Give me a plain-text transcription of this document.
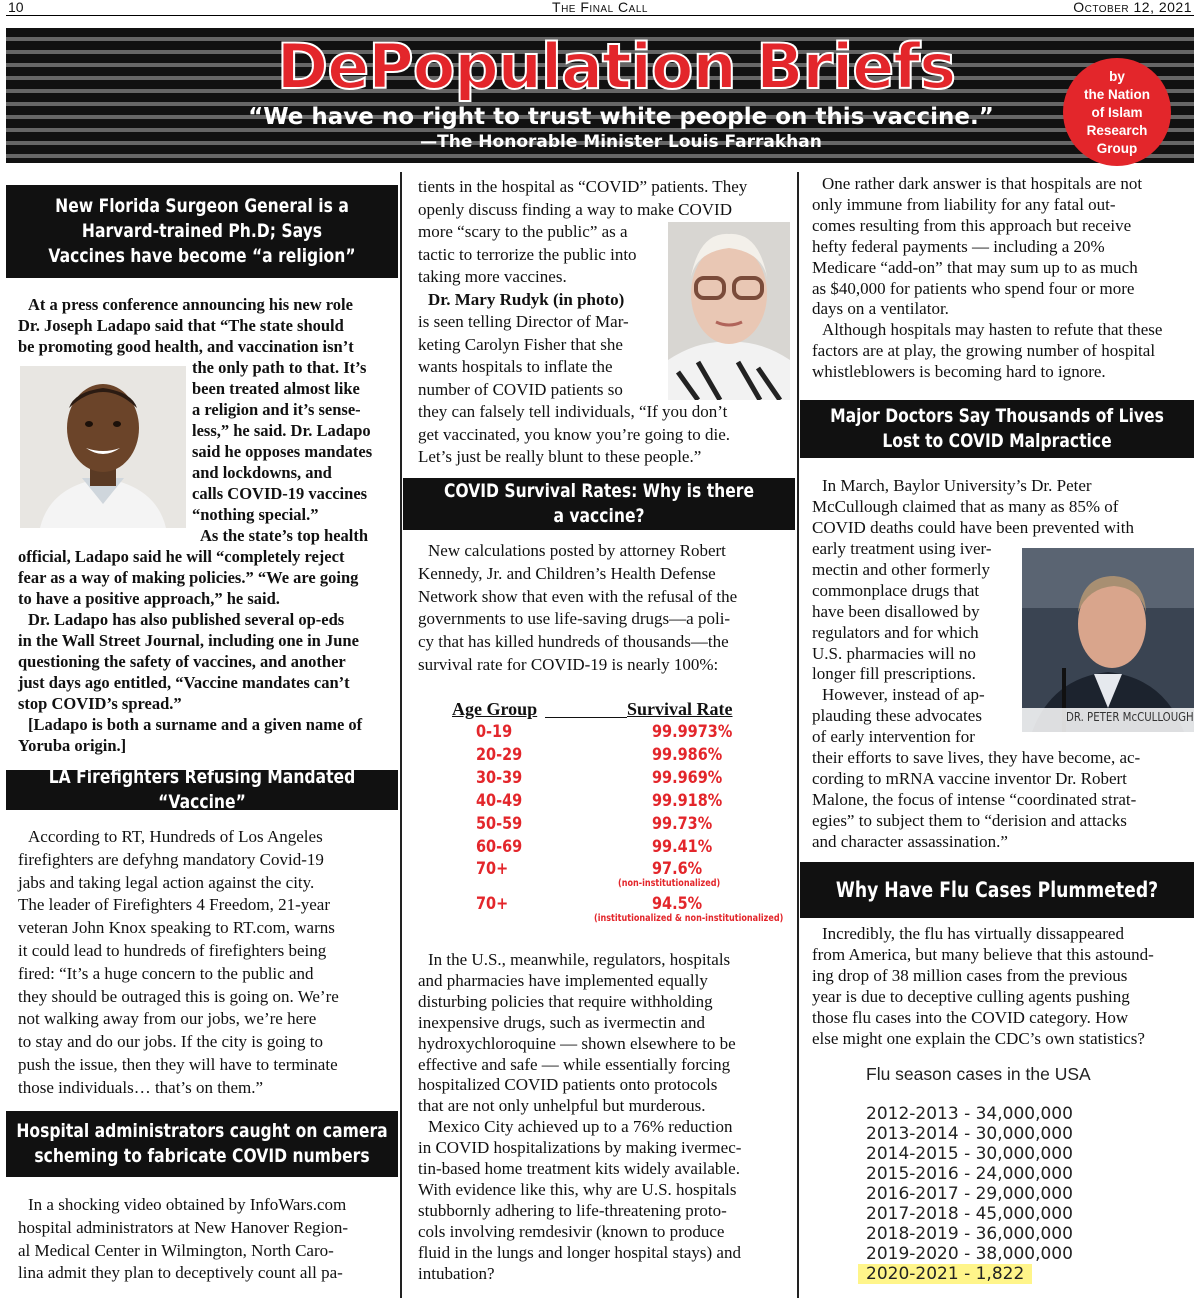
10	The Final Call	October 12, 2021
DePopulation Briefs
“We have no right to trust white people on this vaccine.”
—The Honorable Minister Louis Farrakhan
by
the Nation
of Islam
Research
Group
New Florida Surgeon General is a Harvard-trained Ph.D; Says Vaccines have become “a religion”

At a press conference announcing his new role

Dr. Joseph Ladapo said that “The state should
be promoting good health, and vaccination isn’t
the only path to that. It’s
been treated almost like
a religion and it’s sense-
less,” he said. Dr. Ladapo
said he opposes mandates
and lockdowns, and
calls COVID-19 vaccines
“nothing special.”

As the state’s top health

official, Ladapo said he will “completely reject
fear as a way of making policies.” “We are going
to have a positive approach,” he said.

Dr. Ladapo has also published several op-eds

in the Wall Street Journal, including one in June
questioning the safety of vaccines, and another
just days ago entitled, “Vaccine mandates can’t
stop COVID’s spread.”

[Ladapo is both a surname and a given name of

Yoruba origin.]
LA Firefighters Refusing Mandated “Vaccine”

According to RT, Hundreds of Los Angeles

firefighters are defyhng mandatory Covid-19
jabs and taking legal action against the city.
The leader of Firefighters 4 Freedom, 21-year
veteran John Knox speaking to RT.com, warns
it could lead to hundreds of firefighters being
fired: “It’s a huge concern to the public and
they should be outraged this is going on. We’re
not walking away from our jobs, we’re here
to stay and do our jobs. If the city is going to
push the issue, then they will have to terminate
those individuals… that’s on them.”
Hospital administrators caught on camera
scheming to fabricate COVID numbers

In a shocking video obtained by InfoWars.com

hospital administrators at New Hanover Region-
al Medical Center in Wilmington, North Caro-
lina admit they plan to deceptively count all pa-
tients in the hospital as “COVID” patients. They
openly discuss finding a way to make COVID
more “scary to the public” as a
tactic to terrorize the public into
taking more vaccines.

Dr. Mary Rudyk (in photo)

is seen telling Director of Mar-
keting Carolyn Fisher that she
wants hospitals to inflate the
number of COVID patients so
they can falsely tell individuals, “If you don’t
get vaccinated, you know you’re going to die.
Let’s just be really blunt to these people.”
COVID Survival Rates: Why is there a vaccine?

New calculations posted by attorney Robert

Kennedy, Jr. and Children’s Health Defense
Network show that even with the refusal of the
governments to use life-saving drugs—a poli-
cy that has killed hundreds of thousands—the
survival rate for COVID-19 is nearly 100%:
Age Group	Survival Rate
0-19	99.9973%
20-29	99.986%
30-39	99.969%
40-49	99.918%
50-59	99.73%
60-69	99.41%
70+	97.6%
(non-institutionalized)
70+	94.5%
(institutionalized & non-institutionalized)

In the U.S., meanwhile, regulators, hospitals

and pharmacies have implemented equally
disturbing policies that require withholding
inexpensive drugs, such as ivermectin and
hydroxychloroquine — shown elsewhere to be
effective and safe — while essentially forcing
hospitalized COVID patients onto protocols
that are not only unhelpful but murderous.

Mexico City achieved up to a 76% reduction

in COVID hospitalizations by making ivermec-
tin-based home treatment kits widely available.
With evidence like this, why are U.S. hospitals
stubbornly adhering to life-threatening proto-
cols involving remdesivir (known to produce
fluid in the lungs and longer hospital stays) and
intubation?

One rather dark answer is that hospitals are not

only immune from liability for any fatal out-
comes resulting from this approach but receive
hefty federal payments — including a 20%
Medicare “add-on” that may sum up to as much
as $40,000 for patients who spend four or more
days on a ventilator.

Although hospitals may hasten to refute that these

factors are at play, the growing number of hospital
whistleblowers is becoming hard to ignore.
Major Doctors Say Thousands of Lives
Lost to COVID Malpractice

In March, Baylor University’s Dr. Peter

McCullough claimed that as many as 85% of
COVID deaths could have been prevented with
DR. PETER McCULLOUGH
early treatment using iver-
mectin and other formerly
commonplace drugs that
have been disallowed by
regulators and for which
U.S. pharmacies will no
longer fill prescriptions.

However, instead of ap-

plauding these advocates
of early intervention for
their efforts to save lives, they have become, ac-
cording to mRNA vaccine inventor Dr. Robert
Malone, the focus of intense “coordinated strat-
egies” to subject them to “derision and attacks
and character assassination.”
Why Have Flu Cases Plummeted?

Incredibly, the flu has virtually dissappeared

from America, but many believe that this astound-
ing drop of 38 million cases from the previous
year is due to deceptive culling agents pushing
those flu cases into the COVID category. How
else might one explain the CDC’s own statistics?
Flu season cases in the USA
2012-2013 - 34,000,000
2013-2014 - 30,000,000
2014-2015 - 30,000,000
2015-2016 - 24,000,000
2016-2017 - 29,000,000
2017-2018 - 45,000,000
2018-2019 - 36,000,000
2019-2020 - 38,000,000
2020-2021 - 1,822
